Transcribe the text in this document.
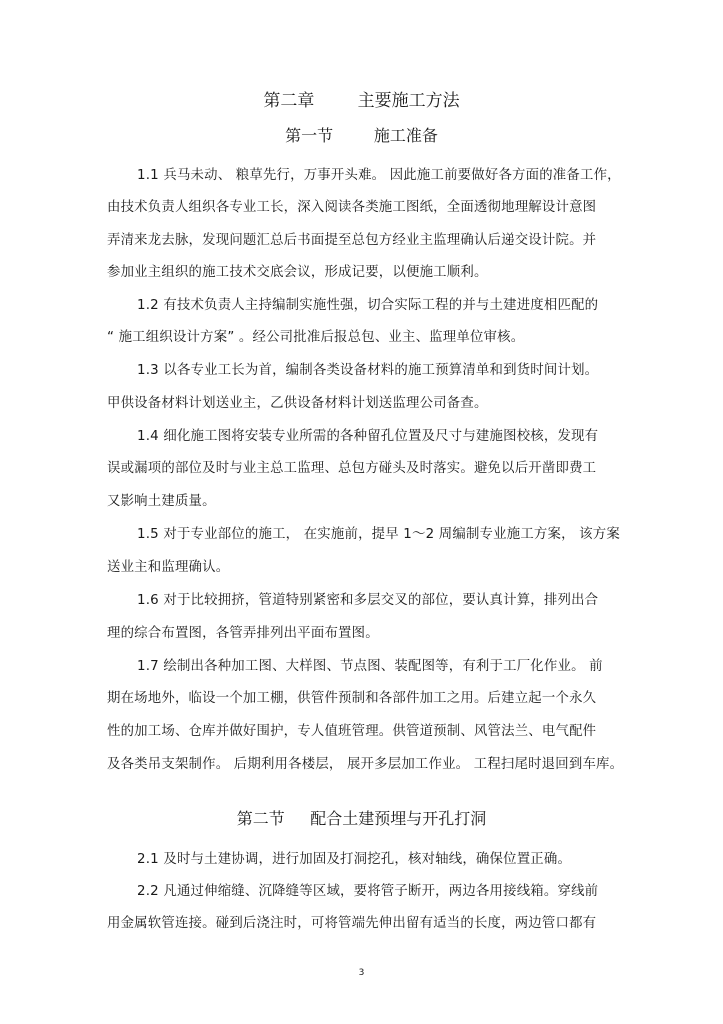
第二章        主要施工方法
第一节        施工准备
1.1 兵马未动、 粮草先行，万事开头难。 因此施工前要做好各方面的准备工作，
由技术负责人组织各专业工长，深入阅读各类施工图纸，全面透彻地理解设计意图
弄清来龙去脉，发现问题汇总后书面提至总包方经业主监理确认后递交设计院。并
参加业主组织的施工技术交底会议，形成记要，以便施工顺利。
1.2 有技术负责人主持编制实施性强，切合实际工程的并与土建进度相匹配的
“ 施工组织设计方案” 。经公司批准后报总包、业主、监理单位审核。
1.3 以各专业工长为首，编制各类设备材料的施工预算清单和到货时间计划。
甲供设备材料计划送业主，乙供设备材料计划送监理公司备查。
1.4 细化施工图将安装专业所需的各种留孔位置及尺寸与建施图校核，发现有
误或漏项的部位及时与业主总工监理、总包方碰头及时落实。避免以后开凿即费工
又影响土建质量。
1.5 对于专业部位的施工， 在实施前，提早 1～2 周编制专业施工方案， 该方案
送业主和监理确认。
1.6 对于比较拥挤，管道特别紧密和多层交叉的部位，要认真计算，排列出合
理的综合布置图，各管弄排列出平面布置图。
1.7 绘制出各种加工图、大样图、节点图、装配图等，有利于工厂化作业。 前
期在场地外，临设一个加工棚，供管件预制和各部件加工之用。后建立起一个永久
性的加工场、仓库并做好围护，专人值班管理。供管道预制、风管法兰、电气配件
及各类吊支架制作。 后期利用各楼层， 展开多层加工作业。 工程扫尾时退回到车库。
第二节     配合土建预埋与开孔打洞
2.1 及时与土建协调，进行加固及打洞挖孔，核对轴线，确保位置正确。
2.2 凡通过伸缩缝、沉降缝等区域，要将管子断开，两边各用接线箱。穿线前
用金属软管连接。碰到后浇注时，可将管端先伸出留有适当的长度，两边管口都有
3
